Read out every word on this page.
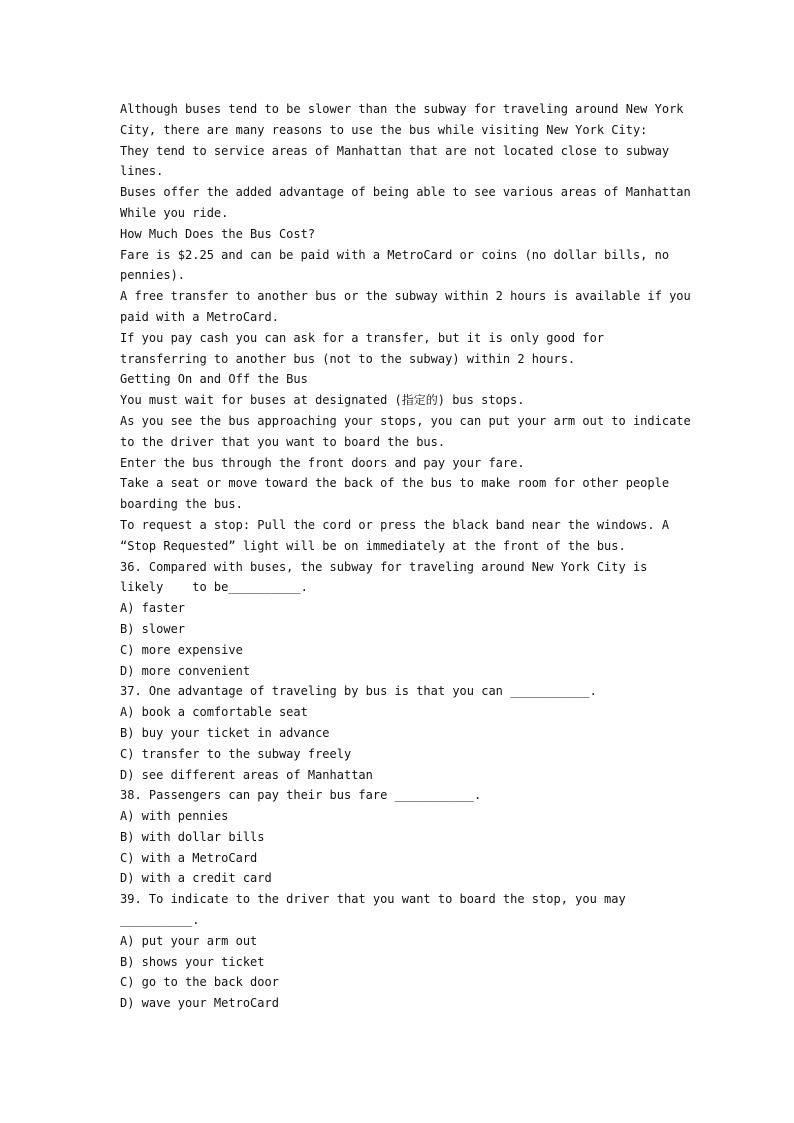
Although buses tend to be slower than the subway for traveling around New York
City, there are many reasons to use the bus while visiting New York City:
They tend to service areas of Manhattan that are not located close to subway
lines.
Buses offer the added advantage of being able to see various areas of Manhattan
While you ride.
How Much Does the Bus Cost?
Fare is $2.25 and can be paid with a MetroCard or coins (no dollar bills, no
pennies).
A free transfer to another bus or the subway within 2 hours is available if you
paid with a MetroCard.
If you pay cash you can ask for a transfer, but it is only good for
transferring to another bus (not to the subway) within 2 hours.
Getting On and Off the Bus
You must wait for buses at designated (指定的) bus stops.
As you see the bus approaching your stops, you can put your arm out to indicate
to the driver that you want to board the bus.
Enter the bus through the front doors and pay your fare.
Take a seat or move toward the back of the bus to make room for other people
boarding the bus.
To request a stop: Pull the cord or press the black band near the windows. A
“Stop Requested” light will be on immediately at the front of the bus.
36. Compared with buses, the subway for traveling around New York City is
likely    to be__________.
A) faster
B) slower
C) more expensive
D) more convenient
37. One advantage of traveling by bus is that you can ___________.
A) book a comfortable seat
B) buy your ticket in advance
C) transfer to the subway freely
D) see different areas of Manhattan
38. Passengers can pay their bus fare ___________.
A) with pennies
B) with dollar bills
C) with a MetroCard
D) with a credit card
39. To indicate to the driver that you want to board the stop, you may
__________.
A) put your arm out
B) shows your ticket
C) go to the back door
D) wave your MetroCard
